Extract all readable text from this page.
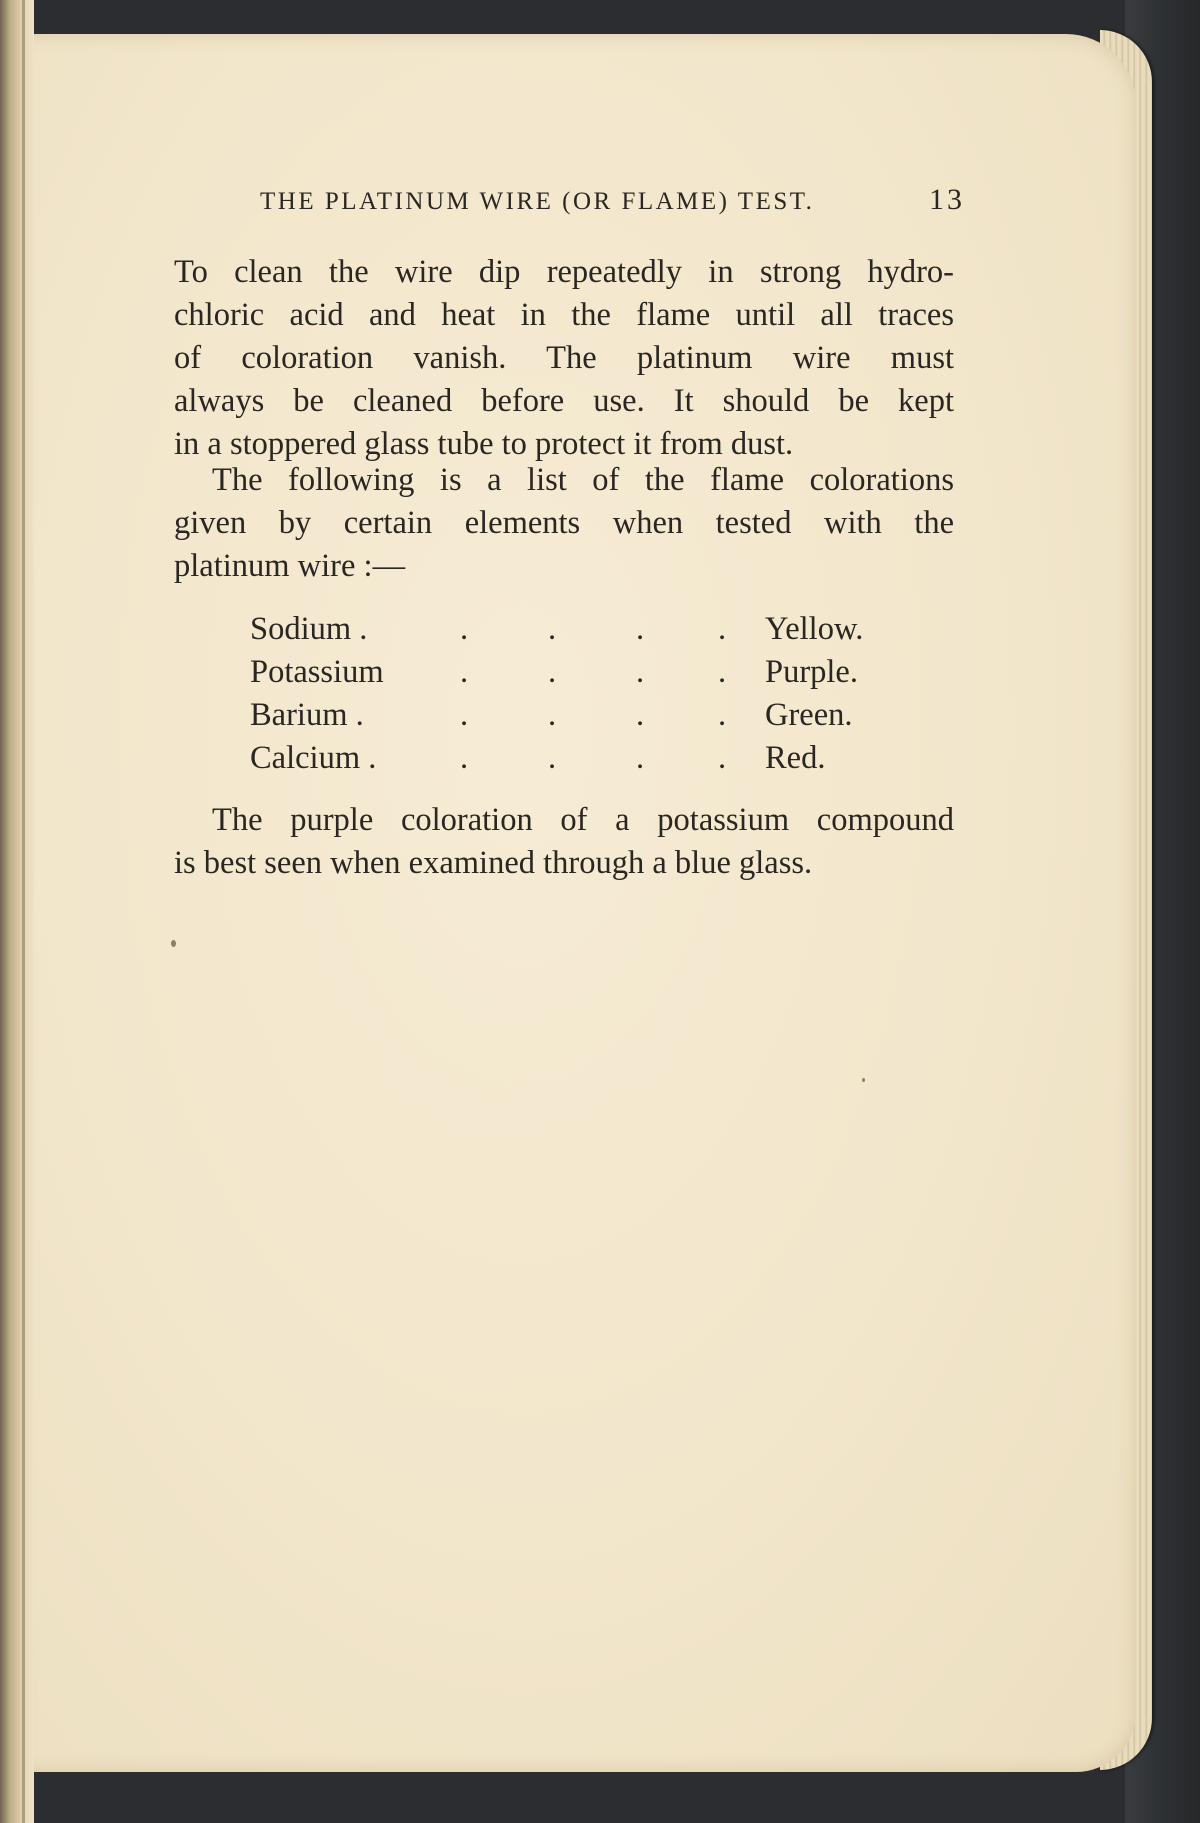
THE PLATINUM WIRE (OR FLAME) TEST.	13
To clean the wire dip repeatedly in strong hydro-
chloric acid and heat in the flame until all traces
of coloration vanish. The platinum wire must
always be cleaned before use. It should be kept
in a stoppered glass tube to protect it from dust.
The following is a list of the flame colorations
given by certain elements when tested with the
platinum wire :—
Sodium .	. . . . Yellow.
Potassium . . . . Purple.
Barium .	. . . . Green.
Calcium .	. . . . Red.
The purple coloration of a potassium compound
is best seen when examined through a blue glass.
